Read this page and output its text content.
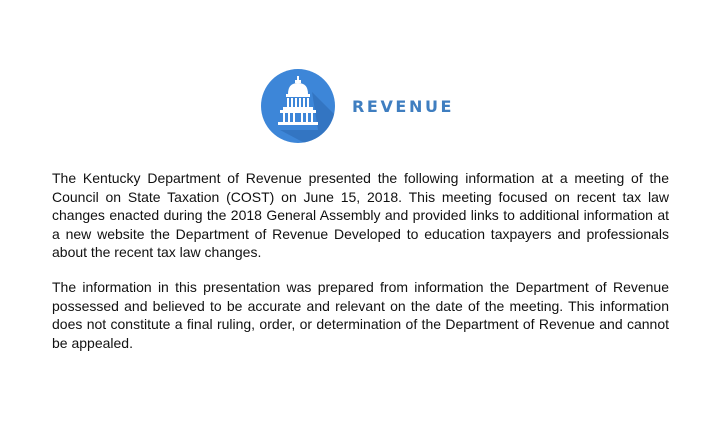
REVENUE

The Kentucky Department of Revenue presented the following information at a meeting of the Council on State Taxation (COST) on June 15, 2018. This meeting focused on recent tax law changes enacted during the 2018 General Assembly and provided links to additional information at a new website the Department of Revenue Developed to education taxpayers and professionals about the recent tax law changes.

The information in this presentation was prepared from information the Department of Revenue possessed and believed to be accurate and relevant on the date of the meeting. This information does not constitute a final ruling, order, or determination of the Department of Revenue and cannot be appealed.
